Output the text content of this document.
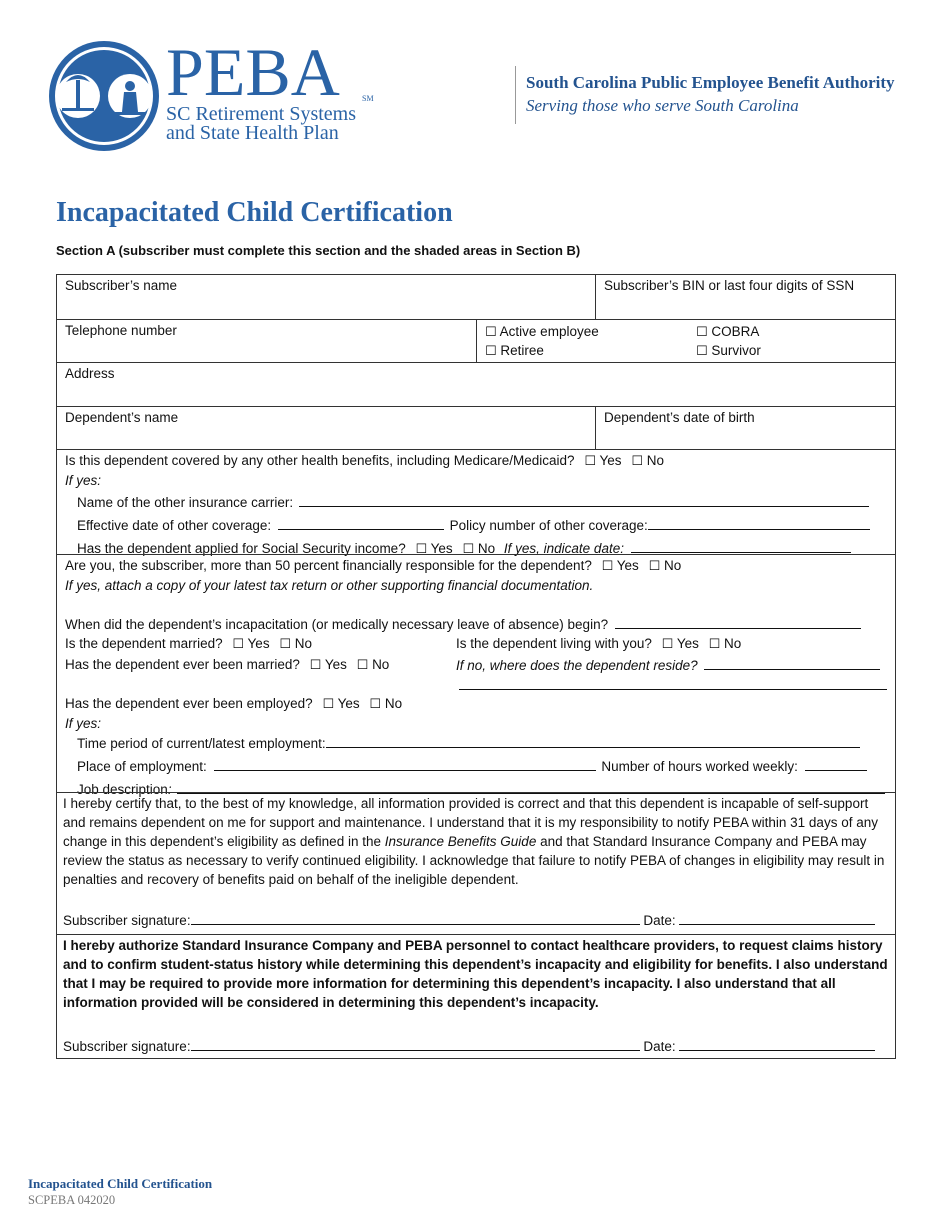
PEBA	SM
SC Retirement Systems
and State Health Plan
South Carolina Public Employee Benefit Authority
Serving those who serve South Carolina
Incapacitated Child Certification
Section A (subscriber must complete this section and the shaded areas in Section B)
Subscriber’s name	Subscriber’s BIN or last four digits of SSN
Telephone number	☐ Active employee
☐ Retiree
☐ COBRA
☐ Survivor
Address
Dependent’s name	Dependent’s date of birth
Is this dependent covered by any other health benefits, including Medicare/Medicaid? ☐ Yes ☐ No
If yes:
Name of the other insurance carrier:
Effective date of other coverage:	Policy number of other coverage:
Has the dependent applied for Social Security income? ☐ Yes ☐ No If yes, indicate date:
Are you, the subscriber, more than 50 percent financially responsible for the dependent? ☐ Yes ☐ No
If yes, attach a copy of your latest tax return or other supporting financial documentation.
When did the dependent’s incapacitation (or medically necessary leave of absence) begin?
Is the dependent married? ☐ Yes ☐ No	Is the dependent living with you? ☐ Yes ☐ No
Has the dependent ever been married? ☐ Yes ☐ No	If no, where does the dependent reside?
Has the dependent ever been employed? ☐ Yes ☐ No
If yes:
Time period of current/latest employment:
Place of employment:	Number of hours worked weekly:
Job description:
I hereby certify that, to the best of my knowledge, all information provided is correct and that this dependent is incapable of self-support and remains dependent on me for support and maintenance. I understand that it is my responsibility to notify PEBA within 31 days of any change in this dependent’s eligibility as defined in the Insurance Benefits Guide and that Standard Insurance Company and PEBA may review the status as necessary to verify continued eligibility. I acknowledge that failure to notify PEBA of changes in eligibility may result in penalties and recovery of benefits paid on behalf of the ineligible dependent.
Subscriber signature:	Date:
I hereby authorize Standard Insurance Company and PEBA personnel to contact healthcare providers, to request claims history and to confirm student-status history while determining this dependent’s incapacity and eligibility for benefits. I also understand that I may be required to provide more information for determining this dependent’s incapacity. I also understand that all information provided will be considered in determining this dependent’s incapacity.
Subscriber signature:	Date:
Incapacitated Child Certification
SCPEBA 042020
